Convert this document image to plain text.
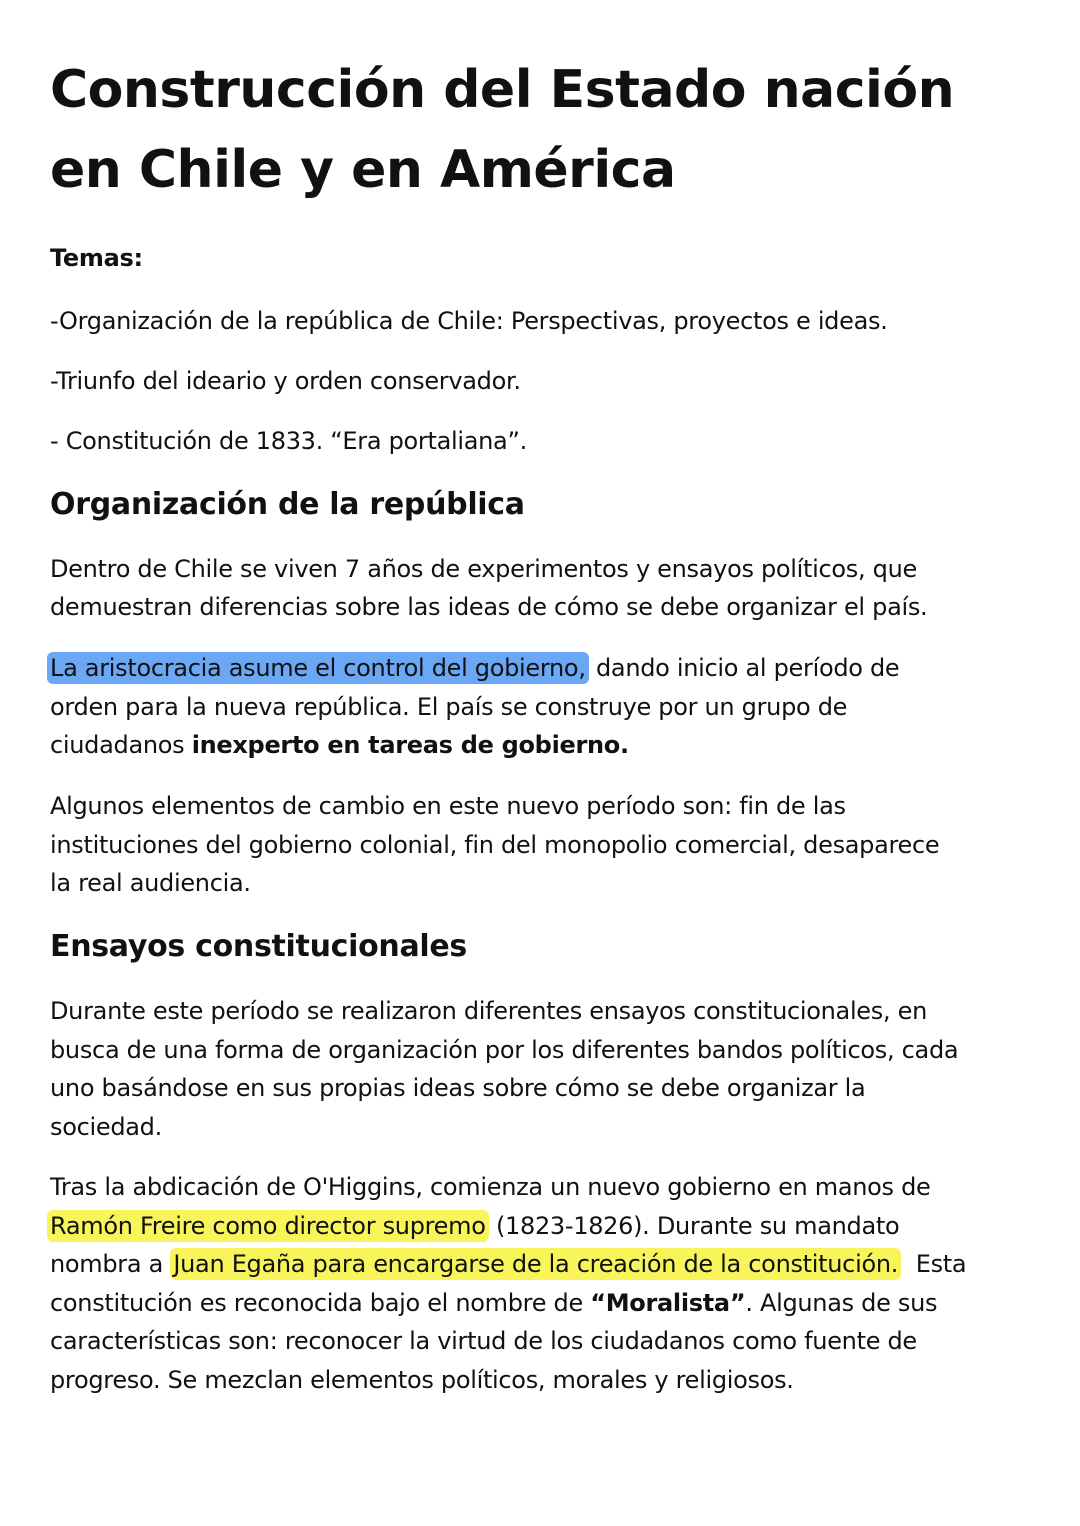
Construcción del Estado nación
en Chile y en América
Temas:
-Organización de la república de Chile: Perspectivas, proyectos e ideas.
-Triunfo del ideario y orden conservador.
- Constitución de 1833. “Era portaliana”.
Organización de la república
Dentro de Chile se viven 7 años de experimentos y ensayos políticos, que
demuestran diferencias sobre las ideas de cómo se debe organizar el país.
La aristocracia asume el control del gobierno, dando inicio al período de
orden para la nueva república. El país se construye por un grupo de
ciudadanos inexperto en tareas de gobierno.
Algunos elementos de cambio en este nuevo período son: fin de las
instituciones del gobierno colonial, fin del monopolio comercial, desaparece
la real audiencia.
Ensayos constitucionales
Durante este período se realizaron diferentes ensayos constitucionales, en
busca de una forma de organización por los diferentes bandos políticos, cada
uno basándose en sus propias ideas sobre cómo se debe organizar la
sociedad.
Tras la abdicación de O'Higgins, comienza un nuevo gobierno en manos de
Ramón Freire como director supremo (1823-1826). Durante su mandato
nombra a Juan Egaña para encargarse de la creación de la constitución.  Esta
constitución es reconocida bajo el nombre de “Moralista”. Algunas de sus
características son: reconocer la virtud de los ciudadanos como fuente de
progreso. Se mezclan elementos políticos, morales y religiosos.
